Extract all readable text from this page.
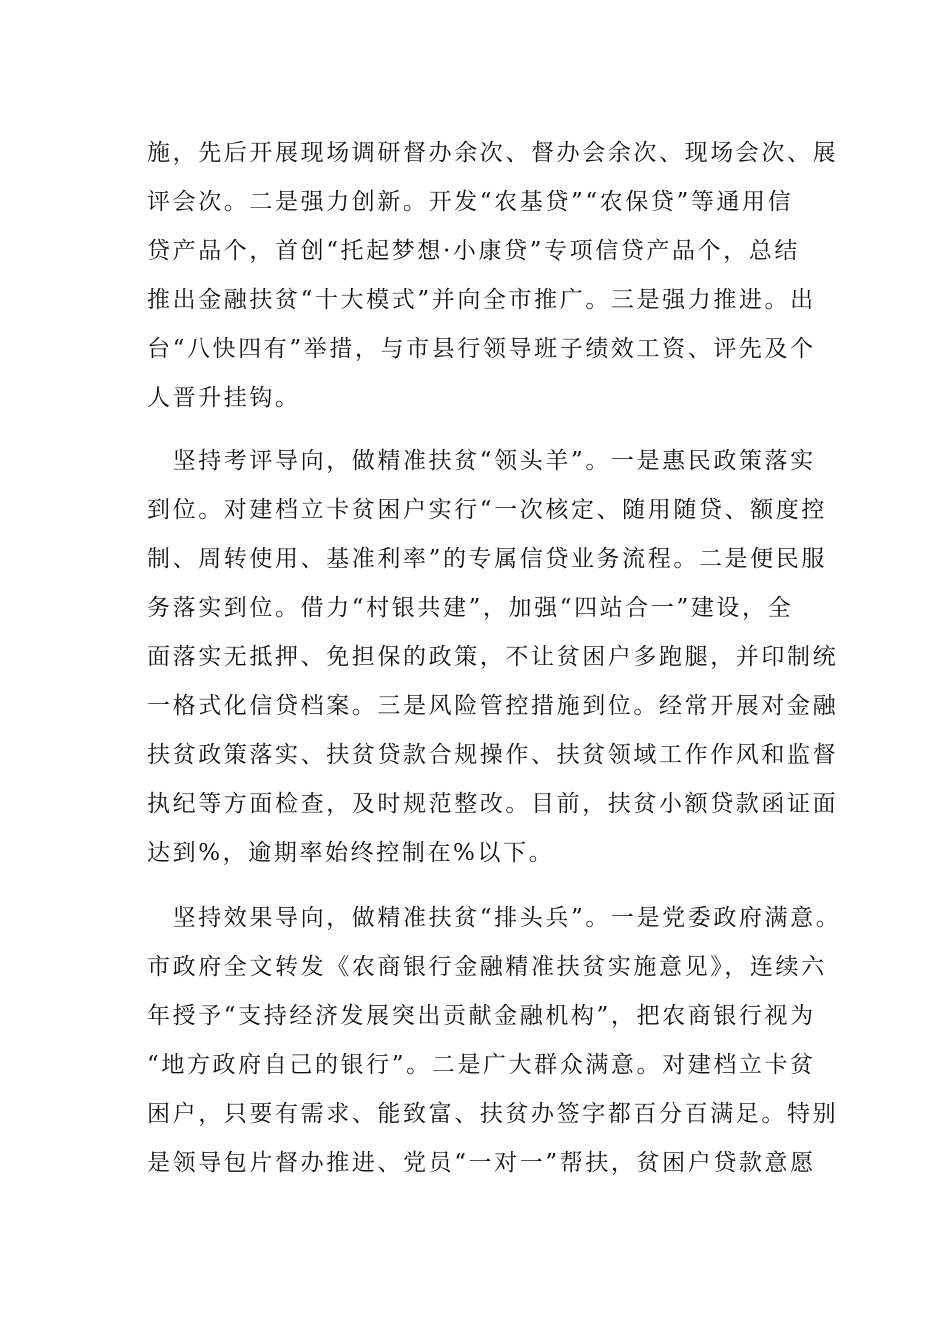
施，先后开展现场调研督办余次、督办会余次、现场会次、展
评会次。二是强力创新。开发“农基贷”“农保贷”等通用信
贷产品个，首创“托起梦想·小康贷”专项信贷产品个，总结
推出金融扶贫“十大模式”并向全市推广。三是强力推进。出
台“八快四有”举措，与市县行领导班子绩效工资、评先及个
人晋升挂钩。
　坚持考评导向，做精准扶贫“领头羊”。一是惠民政策落实
到位。对建档立卡贫困户实行“一次核定、随用随贷、额度控
制、周转使用、基准利率”的专属信贷业务流程。二是便民服
务落实到位。借力“村银共建”，加强“四站合一”建设，全
面落实无抵押、免担保的政策，不让贫困户多跑腿，并印制统
一格式化信贷档案。三是风险管控措施到位。经常开展对金融
扶贫政策落实、扶贫贷款合规操作、扶贫领域工作作风和监督
执纪等方面检查，及时规范整改。目前，扶贫小额贷款函证面
达到%，逾期率始终控制在%以下。
　坚持效果导向，做精准扶贫“排头兵”。一是党委政府满意。
市政府全文转发《农商银行金融精准扶贫实施意见》，连续六
年授予“支持经济发展突出贡献金融机构”，把农商银行视为
“地方政府自己的银行”。二是广大群众满意。对建档立卡贫
困户，只要有需求、能致富、扶贫办签字都百分百满足。特别
是领导包片督办推进、党员“一对一”帮扶，贫困户贷款意愿
